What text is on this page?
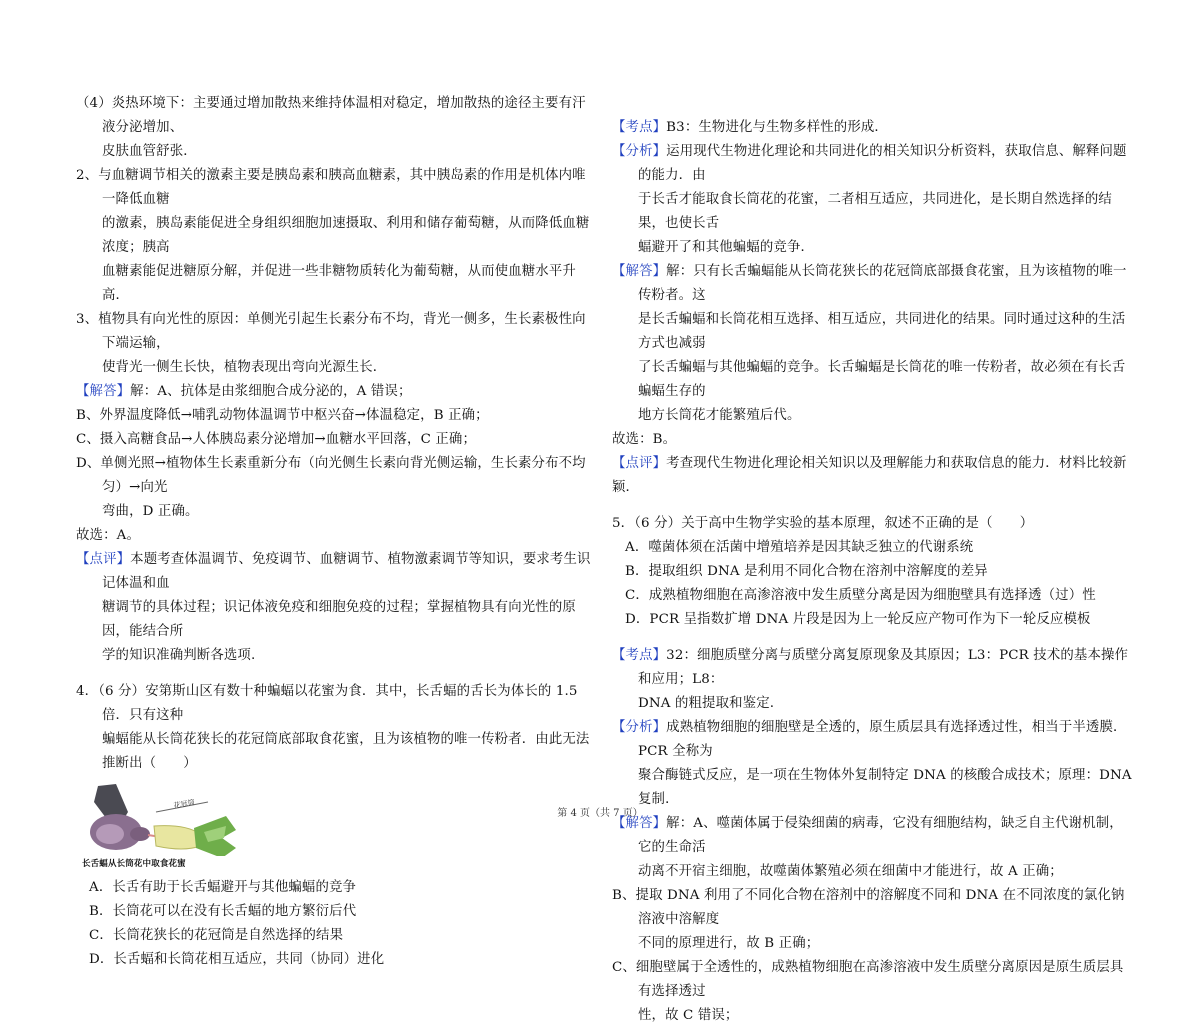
（4）炎热环境下：主要通过增加散热来维持体温相对稳定，增加散热的途径主要有汗液分泌增加、
皮肤血管舒张．

2、与血糖调节相关的激素主要是胰岛素和胰高血糖素，其中胰岛素的作用是机体内唯一降低血糖
的激素，胰岛素能促进全身组织细胞加速摄取、利用和储存葡萄糖，从而降低血糖浓度；胰高
血糖素能促进糖原分解，并促进一些非糖物质转化为葡萄糖，从而使血糖水平升高．

3、植物具有向光性的原因：单侧光引起生长素分布不均，背光一侧多，生长素极性向下端运输，
使背光一侧生长快，植物表现出弯向光源生长．

【解答】解：A、抗体是由浆细胞合成分泌的，A 错误；

B、外界温度降低→哺乳动物体温调节中枢兴奋→体温稳定，B 正确；

C、摄入高糖食品→人体胰岛素分泌增加→血糖水平回落，C 正确；

D、单侧光照→植物体生长素重新分布（向光侧生长素向背光侧运输，生长素分布不均匀）→向光
弯曲，D 正确。

故选：A。

【点评】本题考查体温调节、免疫调节、血糖调节、植物激素调节等知识，要求考生识记体温和血
糖调节的具体过程；识记体液免疫和细胞免疫的过程；掌握植物具有向光性的原因，能结合所
学的知识准确判断各选项.

4．（6 分）安第斯山区有数十种蝙蝠以花蜜为食．其中，长舌蝠的舌长为体长的 1.5 倍．只有这种
蝙蝠能从长筒花狭长的花冠筒底部取食花蜜，且为该植物的唯一传粉者．由此无法推断出（　　）

花冠筒
长舌蝠从长筒花中取食花蜜

A．长舌有助于长舌蝠避开与其他蝙蝠的竞争

B．长筒花可以在没有长舌蝠的地方繁衍后代

C．长筒花狭长的花冠筒是自然选择的结果

D．长舌蝠和长筒花相互适应，共同（协同）进化

【考点】B3：生物进化与生物多样性的形成．

【分析】运用现代生物进化理论和共同进化的相关知识分析资料，获取信息、解释问题的能力．由
于长舌才能取食长筒花的花蜜，二者相互适应，共同进化，是长期自然选择的结果，也使长舌
蝠避开了和其他蝙蝠的竞争．

【解答】解：只有长舌蝙蝠能从长筒花狭长的花冠筒底部摄食花蜜，且为该植物的唯一传粉者。这
是长舌蝙蝠和长筒花相互选择、相互适应，共同进化的结果。同时通过这种的生活方式也减弱
了长舌蝙蝠与其他蝙蝠的竞争。长舌蝙蝠是长筒花的唯一传粉者，故必须在有长舌蝙蝠生存的
地方长筒花才能繁殖后代。

故选：B。

【点评】考查现代生物进化理论相关知识以及理解能力和获取信息的能力．材料比较新颖．

5．（6 分）关于高中生物学实验的基本原理，叙述不正确的是（　　）

A．噬菌体须在活菌中增殖培养是因其缺乏独立的代谢系统

B．提取组织 DNA 是利用不同化合物在溶剂中溶解度的差异

C．成熟植物细胞在高渗溶液中发生质壁分离是因为细胞壁具有选择透（过）性

D．PCR 呈指数扩增 DNA 片段是因为上一轮反应产物可作为下一轮反应模板

【考点】32：细胞质壁分离与质壁分离复原现象及其原因；L3：PCR 技术的基本操作和应用；L8：
DNA 的粗提取和鉴定.

【分析】成熟植物细胞的细胞壁是全透的，原生质层具有选择透过性，相当于半透膜．PCR 全称为
聚合酶链式反应，是一项在生物体外复制特定 DNA 的核酸合成技术；原理：DNA 复制．

【解答】解：A、噬菌体属于侵染细菌的病毒，它没有细胞结构，缺乏自主代谢机制，它的生命活
动离不开宿主细胞，故噬菌体繁殖必须在细菌中才能进行，故 A 正确；

B、提取 DNA 利用了不同化合物在溶剂中的溶解度不同和 DNA 在不同浓度的氯化钠溶液中溶解度
不同的原理进行，故 B 正确；

C、细胞壁属于全透性的，成熟植物细胞在高渗溶液中发生质壁分离原因是原生质层具有选择透过
性，故 C 错误；

第 4 页（共 7 页）
